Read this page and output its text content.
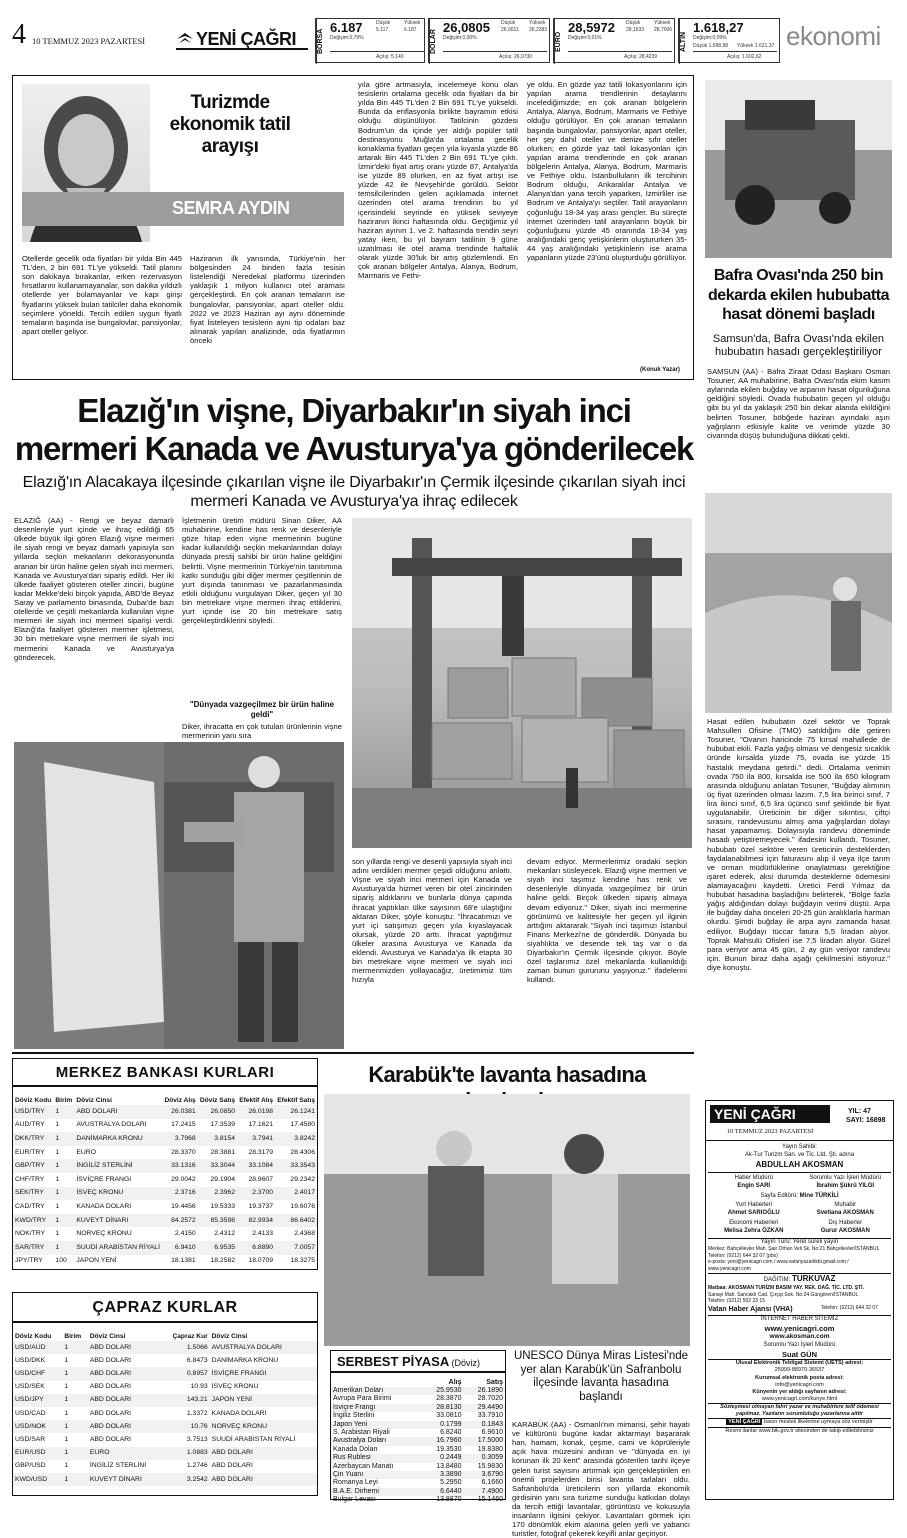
4 10 TEMMUZ 2023 PAZARTESİ	YENİ ÇAĞRI	BORSA
6.187	Düşük	Yüksek
Değişim:0,79%
5.117	6.187
Açılış: 5.140
DOLAR
26,0805 Düşük	Yüksek
Değişim:0,00%
26,0011 26,2383
Açılış: 26,0730
EURO
28,5972 Düşük	Yüksek
Değişim:0,01%
28,1633 28,7006
Açılış: 28,4239
ALTIN
1.618,27
Değişim:0,09%
Düşük 1.598,98 Yüksek 1.621,37
Açılış: 1.602,62
ekonomi
Turizmde ekonomik tatil arayışı
SEMRA AYDIN
Otellerde gecelik oda fiyatları bir yılda Bin 445 TL'den, 2 bin 691 TL'ye yükseldi. Tatil planını son dakikaya bırakanlar, erken rezervasyon fırsatlarını kullanamayanalar, son dakika yıldızlı otellerde yer bulamayanlar ve kapı girişi fiyatlarını yüksek bulan tatilciler daha ekonomik seçimlere yöneldi. Tercih edilen uygun fiyatlı temaların başında ise bungalovlar, pansiyonlar, apart oteller geliyor.
Haziranın ilk yarısında, Türkiye'nin her bölgesinden 24 binden fazla tesisin listelendiği Neredekal platformu üzerinden yaklaşık 1 milyon kullanıcı otel araması gerçekleştirdi. En çok aranan temaların ise bungalovlar, pansiyonlar, apart oteller oldu. 2022 ve 2023 Haziran ayı aynı döneminde fiyat listeleyen tesislerin aynı tip odaları baz alınarak yapılan analizinde, oda fiyatlarının önceki
yıla göre artmasıyla, incelemeye konu olan tesislerin ortalama gecelik oda fiyatları da bir yılda Bin 445 TL'den 2 Bin 691 TL'ye yükseldi. Bunda da enflasyonla birlikte bayramın etkisi olduğu düşünülüyor. Tatilcinin gözdesi Bodrum'un da içinde yer aldığı popüler tatil destinasyonu Muğla'da ortalama gecelik konaklama fiyatları geçen yıla kıyasla yüzde 86 artarak Bin 445 TL'den 2 Bin 691 TL'ye çıktı. İzmir'deki fiyat artış oranı yüzde 87, Antalya'da ise yüzde 89 olurken, en az fiyat artışı ise yüzde 42 ile Nevşehir'de görüldü. Sektör temsilcilerinden gelen açıklamada internet üzerinden otel arama trendinin bu yıl içerisindeki seyrinde en yüksek seviyeye haziranın ikinci haftasında oldu. Geçtiğimiz yıl haziran ayının 1. ve 2. haftasında trendin seyri yatay iken, bu yıl bayram tatilinin 9 güne uzatılması ile otel arama trendinde haftalık olarak yüzde 30'luk bir artış gözlemlendi. En çok aranan bölgeler Antalya, Alanya, Bodrum, Marmaris ve Fethi-
ye oldu. En gözde yaz tatili lokasyonlarını için yapılan arama trendlerinin detaylarını incelediğimizde; en çok aranan bölgelerin Antalya, Alanya, Bodrum, Marmaris ve Fethiye olduğu görülüyor. En çok aranan temaların başında bungalovlar, pansiyonlar, apart oteller, her şey dahil oteller ve denize sıfır oteller olurken; en gözde yaz tatil lokasyonları için yapılan arama trendlerinde en çok aranan bölgelerin Antalya, Alanya, Bodrum, Marmaris ve Fethiye oldu. İstanbulluların ilk tercihinin Bodrum olduğu, Ankaralılar Antalya ve Alanya'dan yana tercih yaparken, İzmirliler ise Bodrum ve Antalya'yı seçtiler. Tatil arayanların çoğunluğu 18-34 yaş arası gençler. Bu süreçte internet üzerinden tatil arayanların büyük bir çoğunluğunu yüzde 45 oranında 18-34 yaş aralığındaki genç yetişkinlerin oluştururken 35-44 yaş aralığındaki yetişkinlerin ise arama yapanların yüzde 23'ünü oluşturduğu görülüyor.
(Konuk Yazar)
Elazığ'ın vişne, Diyarbakır'ın siyah inci mermeri Kanada ve Avusturya'ya gönderilecek
Elazığ'ın Alacakaya ilçesinde çıkarılan vişne ile Diyarbakır'ın Çermik ilçesinde çıkarılan siyah inci mermeri Kanada ve Avusturya'ya ihraç edilecek
ELAZIĞ (AA) - Rengi ve beyaz damarlı desenleriyle yurt içinde ve ihraç edildiği 65 ülkede büyük ilgi gören Elazığ vişne mermeri ile siyah rengi ve beyaz damarlı yapısıyla son yıllarda seçkin mekanların dekorasyonunda aranan bir ürün haline gelen siyah inci mermeri, Kanada ve Avusturya'dan sipariş edildi. Her iki ülkede faaliyet gösteren oteller zinciri, bugüne kadar Mekke'deki birçok yapıda, ABD'de Beyaz Saray ve parlamento binasında, Dubai'de bazı otellerde ve çeşitli mekanlarda kullanılan vişne mermeri ile siyah inci mermeri siparişi verdi. Elazığ'da faaliyet gösteren mermer işletmesi, 30 bin metrekare vişne mermeri ile siyah inci mermerini Kanada ve Avusturya'ya gönderecek.
İşletmenin üretim müdürü Sinan Diker, AA muhabirine, kendine has renk ve desenleriyle göze hitap eden vişne mermerinin bugüne kadar kullanıldığı seçkin mekanlarından dolayı dünyada prestij sahibi bir ürün haline geldiğini belirtti. Vişne mermerinin Türkiye'nin tanıtımına katkı sunduğu gibi diğer mermer çeşitlerinin de yurt dışında tanınması ve pazarlanmasında etkili olduğunu vurgulayan Diker, geçen yıl 30 bin metrekare vişne mermeri ihraç ettiklerini, yurt içinde ise 20 bin metrekare satış gerçekleştirdiklerini söyledi.
"Dünyada vazgeçilmez bir ürün haline geldi"
Diker, ihracatta en çok tutulan ürünlerinin vişne mermerinin yanı sıra
son yıllarda rengi ve desenli yapısıyla siyah inci adını verdikleri mermer çeşidi olduğunu anlattı. Vişne ve siyah inci mermeri için Kanada ve Avusturya'da hizmet veren bir otel zincirinden sipariş aldıklarını ve bunlarla dünya çapında ihracat yaptıkları ülke sayısının 68'e ulaştığını aktaran Diker, şöyle konuştu: "İhracatımızı ve yurt içi satışımızı geçen yıla kıyaslayacak olursak, yüzde 20 arttı. İhracat yaptığımız ülkeler arasına Avusturya ve Kanada da eklendi. Avusturya ve Kanada'ya ilk etapta 30 bin metrekare vişne mermeri ve siyah inci mermerimizden yollayacağız, üretimimiz tüm hızıyla
devam ediyor. Mermerlerimiz oradaki seçkin mekanları süsleyecek. Elazığ vişne mermeri ve siyah inci taşımız kendine has renk ve desenleriyle dünyada vazgeçilmez bir ürün haline geldi. Birçok ülkeden sipariş almaya devam ediyoruz." Diker, siyah inci mermerine görünümü ve kalitesiyle her geçen yıl ilginin arttığını aktararak "Siyah inci taşımızı İstanbul Finans Merkezi'ne de gönderdik. Dünyada bu siyahlıkta ve desende tek taş var o da Diyarbakır'ın Çermik ilçesinde çıkıyor. Böyle özel taşlarımız özel mekanlarda kullanıldığı zaman bunun gururunu yaşıyoruz." ifadelerini kullandı.
Bafra Ovası'nda 250 bin dekarda ekilen hububatta hasat dönemi başladı
Samsun'da, Bafra Ovası'nda ekilen hububatın hasadı gerçekleştiriliyor
SAMSUN (AA) - Bafra Ziraat Odası Başkanı Osman Tosuner, AA muhabirine, Bafra Ovası'nda ekim kasım aylarında ekilen buğday ve arpanın hasat olgunluğuna geldiğini söyledi. Ovada hububatın geçen yıl olduğu gibi bu yıl da yaklaşık 250 bin dekar alanda ekildiğini belirten Tosuner, böbğede haziran ayındaki aşırı yağışların etkisiyle kalite ve verimde yüzde 30 civarında düşüş bulunduğuna dikkati çekti.
Hasat edilen hububatın özel sektör ve Toprak Mahsulleri Ofisine (TMO) satıldığını dile getiren Tosuner, "Ovanın haricinde 75 kırsal mahallede de hububat ekili. Fazla yağış olması ve dengesiz sıcaklık üründe kırsalda yüzde 75, ovada ise yüzde 15 hastalık meydana getirdi." dedi. Ortalama verimin ovada 750 ila 800, kırsalda ise 500 ila 650 kilogram arasında olduğunu anlatan Tosuner, "Buğday alımının üç fiyat üzerinden olması lazım. 7,5 lira birinci sınıf, 7 lira ikinci sınıf, 6,5 lira üçüncü sınıf şeklinde bir fiyat uygulanabilir. Üreticinin bir diğer sıkıntısı, çiftçi sırasını, randevusunu almış ama yağışlardan dolayı hasat yapamamış. Dolayısıyla randevu döneminde hasadı yetiştiremeyecek." ifadesini kullandı. Tosuner, hububatı özel sektöre veren üreticinin desteklerden faydalanabilmesi için faturasını alıp il veya ilçe tarım ve orman müdürlüklerine onaylatması gerektiğine işaret ederek, aksi durumda desteklerne ödemesini alamayacağını kaydetti. Üretici Ferdi Yılmaz da hububat hasadına başladığını belirterek, "Bölge fazla yağış aldığından dolayı buğdayın verimi düştü. Arpa ile buğday daha önceleri 20-25 gün aralıklarla harman olurdu. Şimdi buğday ile arpa aynı zamanda hasat ediliyor. Buğdayı tüccar fatura 5,5 liradan alıyor. Toprak Mahsulü Ofisleri ise 7,5 liradan alıyor. Güzel para veriyor ama 45 gün, 2 ay gün veriyor randevu için. Bunun biraz daha aşağı çekilmesini istiyoruz." diye konuştu.
MERKEZ BANKASI KURLARI
Döviz Kodu	Birim	Döviz Cinsi	Döviz Alış	Döviz Satış	Efektif Alış	Efektif Satış
USD/TRY	1	ABD DOLARI	26.0381	26.0850	26.0198	26.1241
AUD/TRY	1	AVUSTRALYA DOLARI	17.2415	17.3539	17.1621	17.4580
DKK/TRY	1	DANİMARKA KRONU	3.7968	3.8154	3.7941	3.8242
EUR/TRY	1	EURO	28.3370	28.3881	28.3179	28.4306
GBP/TRY	1	İNGİLİZ STERLİNİ	33.1316	33.3044	33.1084	33.3543
CHF/TRY	1	İSVİÇRE FRANGI	29.0042	29.1904	28.9607	29.2342
SEK/TRY	1	İSVEÇ KRONU	2.3716	2.3962	2.3700	2.4017
CAD/TRY	1	KANADA DOLARI	19.4456	19.5333	19.3737	19.6076
KWD/TRY	1	KUVEYT DİNARI	84.2572	85.3598	82.9934	86.6402
NOK/TRY	1	NORVEÇ KRONU	2.4150	2.4312	2.4133	2.4368
SAR/TRY	1	SUUDİ ARABİSTAN RİYALİ	6.9410	6.9535	6.8890	7.0057
JPY/TRY	100	JAPON YENİ	18.1381	18.2582	18.0709	18.3275
ÇAPRAZ KURLAR
Döviz Kodu	Birim	Döviz Cinsi	Çapraz Kur	Döviz Cinsi
USD/AUD	1	ABD DOLARI	1.5066	AVUSTRALYA DOLARI
USD/DKK	1	ABD DOLARI	6.8473	DANİMARKA KRONU
USD/CHF	1	ABD DOLARI	0.8957	İSVİÇRE FRANGI
USD/SEK	1	ABD DOLARI	10.93	İSVEÇ KRONU
USD/JPY	1	ABD DOLARI	143.21	JAPON YENİ
USD/CAD	1	ABD DOLARI	1.3372	KANADA DOLARI
USD/NOK	1	ABD DOLARI	10.76	NORVEÇ KRONU
USD/SAR	1	ABD DOLARI	3.7513	SUUDİ ARABİSTAN RİYALİ
EUR/USD	1	EURO	1.0883	ABD DOLARI
GBP/USD	1	İNGİLİZ STERLİNİ	1.2746	ABD DOLARI
KWD/USD	1	KUVEYT DİNARI	3.2542	ABD DOLARI
Karabük'te lavanta hasadına
UNESCO Dünya Miras Listesi'nde yer alan Karabük'ün Safranbolu ilçesinde lavanta hasadına başlandı
KARABÜK (AA) - Osmanlı'nın mimarisi, şehir hayatı ve kültürünü bugüne kadar aktarmayı başararak han, hamam, konak, çeşme, cami ve köprüleriyle açık hava müzesini andıran ve "dünyada en iyi korunan ilk 20 kent" arasında gösterilen tarihi ilçeye gelen turist sayısını artırmak için gerçekleştirilen en önemli projelerden birisi lavanta tarlaları oldu. Safranbolu'da üreticilerin son yıllarda ekonomik girdisinin yanı sıra turizme sunduğu katkıdan dolayı da tercih ettiği lavantalar, görüntüsü ve kokusuyla insanların ilgisini çekiyor. Lavantaları görmek için 170 dönümlük ekim alanına gelen yerli ve yabancı turistler, fotoğraf çekerek keyifli anlar geçiriyor.
SERBEST PİYASA (Döviz)
	Alış	Satış
Amerikan Doları	25.9530	26.1890
Avrupa Para Birimi	28.3870	28.7020
İsviçre Frangı	28.8130	29.4490
İngiliz Sterlini	33.0810	33.7910
Japon Yeni	0.1799	0.1843
S. Arabistan Riyali	6.8240	6.9610
Avustralya Doları	16.7960	17.5000
Kanada Doları	19.3530	19.8380
Rus Rublesi	0.2449	0.3059
Azerbaycan Manatı	13.8480	15.9830
Çin Yuanı	3.3890	3.6790
Romanya Leyi	5.2950	6.1660
B.A.E. Dirhemi	6.6440	7.4900
Bulgar Levası	13.8870	15.1460
YENİ ÇAĞRI	YIL: 47
SAYI: 16898
10 TEMMUZ 2023 PAZARTESİ
Yayın Sahibi:
Ak-Tur Turizm San. ve Tic. Ltd. Şti. adına
ABDULLAH AKOSMAN
Haber Müdürü	Sorumlu Yazı İşleri Müdürü
Engin SARI	İbrahim Şükrü YILGI
Sayfa Editörü: Mine TÜRKİLİ
Yurt Haberleri	Muhabir
Ahmet SARIOĞLU	Svetlana AKOSMAN
Ekonomi Haberleri	Dış Haberler
Melisa Zehra ÖZKAN	Gurur AKOSMAN
Yayın Türü: Yerel süreli yayın
Merkez: Bahçelievler Mah. Şair Orhan Veli Sk. No:21 Bahçelievler/İSTANBUL
Telefon: (0212) 644 32 07 (pbx)
e-posta: yeni@yenicagri.com / www.vatanyazarlikbi.gmail.com / www.yenicagri.com
DAĞITIM: TURKUVAZ
Matbaa: AKOSMAN TURİZM BASIM YAY. REK. DAĞ. TİC. LTD. ŞTİ.
Sanayi Mah. Sancaklı Cad. Çırçıp Sok. No:24 Güngören/İSTANBUL
Telefon: (0212) 502 23 15
Vatan Haber Ajansı (VHA)	Telefon: (0212) 644 32 07
İNTERNET HABER SİTEMİZ
www.yenicagri.com
www.akosman.com
Sorumlu Yazı İşleri Müdürü
Suat GÜN
Ulusal Elektronik Tebligat Sistemi (UETS) adresi:
25999-88970-36537
Kurumsal elektronik posta adresi:
info@yenicagri.com
Künyenin yer aldığı sayfanın adresi:
www.yenicagri.com/kunye.html
Sözleşmesi olmayan fahri yazar ve muhabirlere telif ödemesi yapılmaz. Yazıların sorumluluğu yazarlarına aittir
YENİ ÇAĞRI basın meslek ilkelerine uymaya söz vermiştir
Resmi ilanlar www.bik.gov.tr sitesinden de takip edilebilirsiniz
